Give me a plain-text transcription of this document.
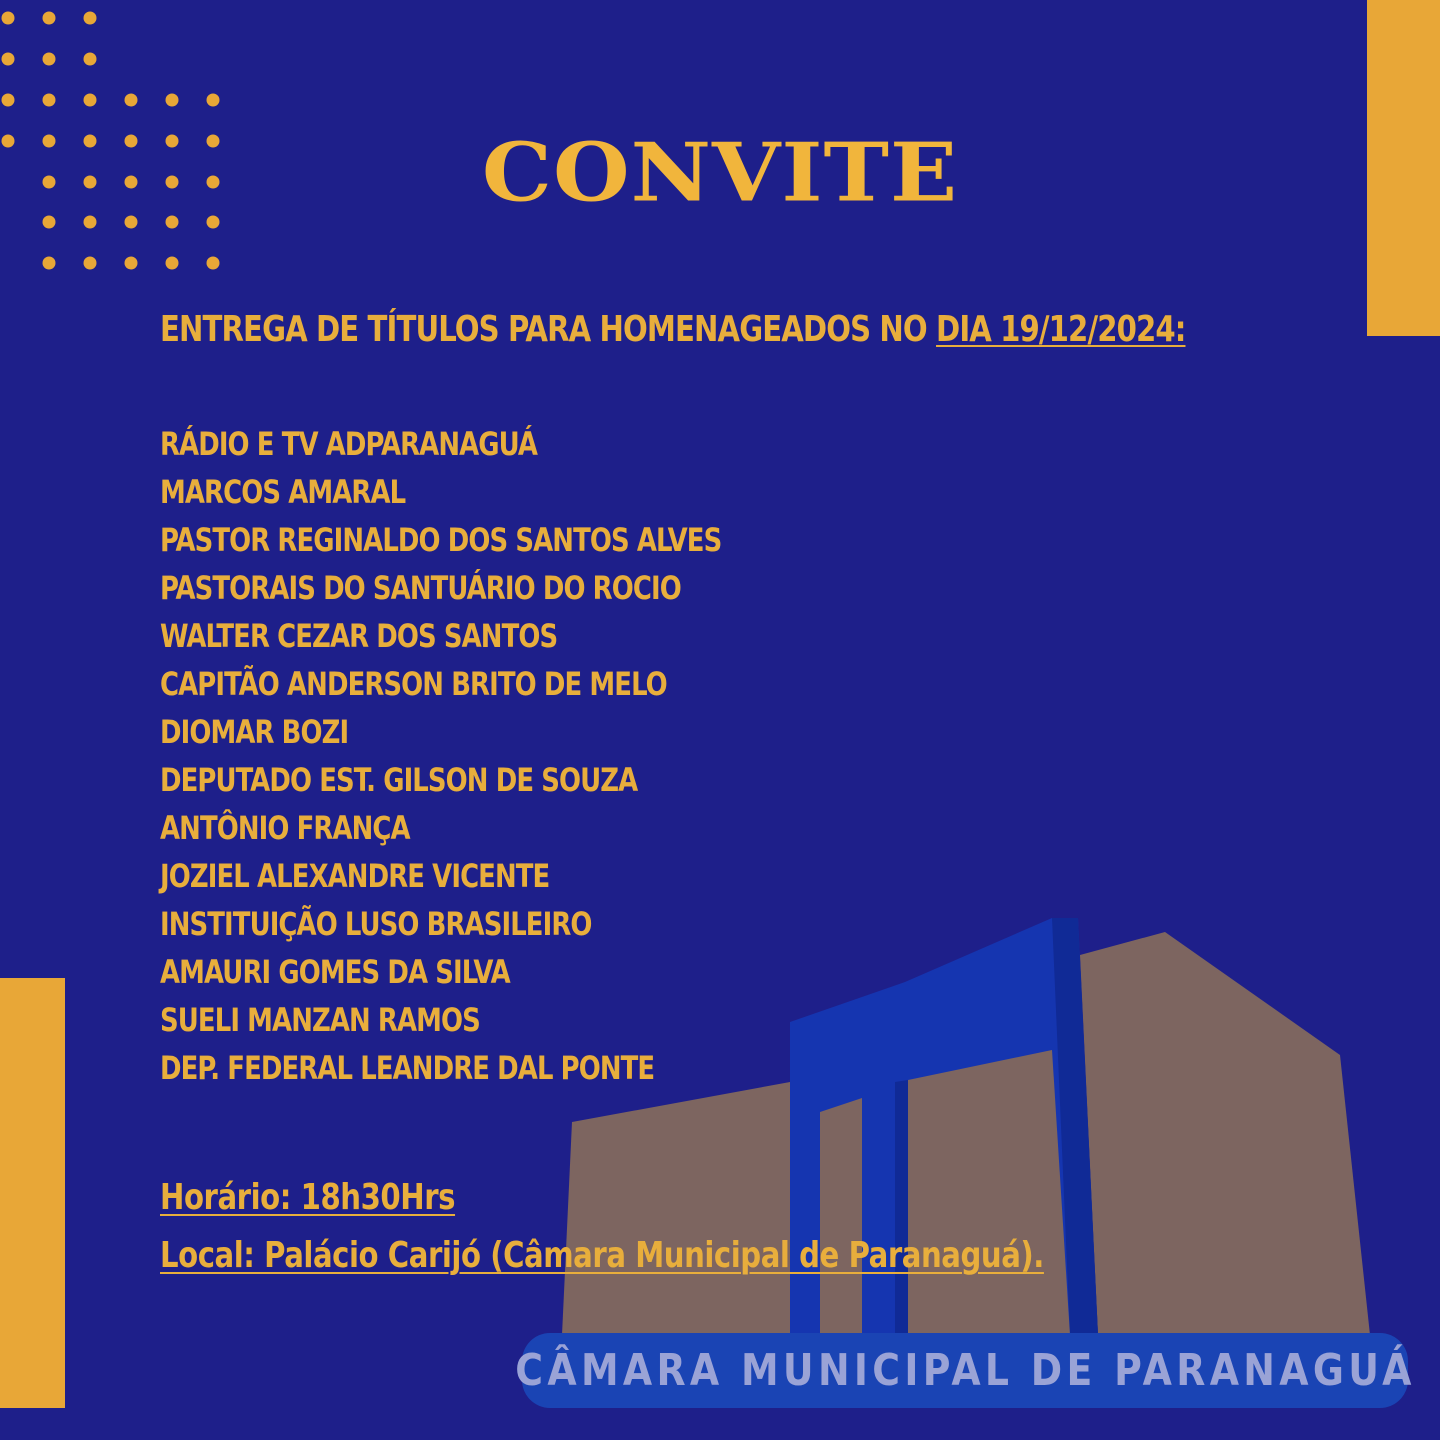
CONVITE
ENTREGA DE TÍTULOS PARA HOMENAGEADOS NO DIA 19/12/2024:
RÁDIO E TV ADPARANAGUÁ
MARCOS AMARAL
PASTOR REGINALDO DOS SANTOS ALVES
PASTORAIS DO SANTUÁRIO DO ROCIO
WALTER CEZAR DOS SANTOS
CAPITÃO ANDERSON BRITO DE MELO
DIOMAR BOZI
DEPUTADO EST. GILSON DE SOUZA
ANTÔNIO FRANÇA
JOZIEL ALEXANDRE VICENTE
INSTITUIÇÃO LUSO BRASILEIRO
AMAURI GOMES DA SILVA
SUELI MANZAN RAMOS
DEP. FEDERAL LEANDRE DAL PONTE
Horário: 18h30Hrs
Local: Palácio Carijó (Câmara Municipal de Paranaguá).
CÂMARA MUNICIPAL DE PARANAGUÁ
